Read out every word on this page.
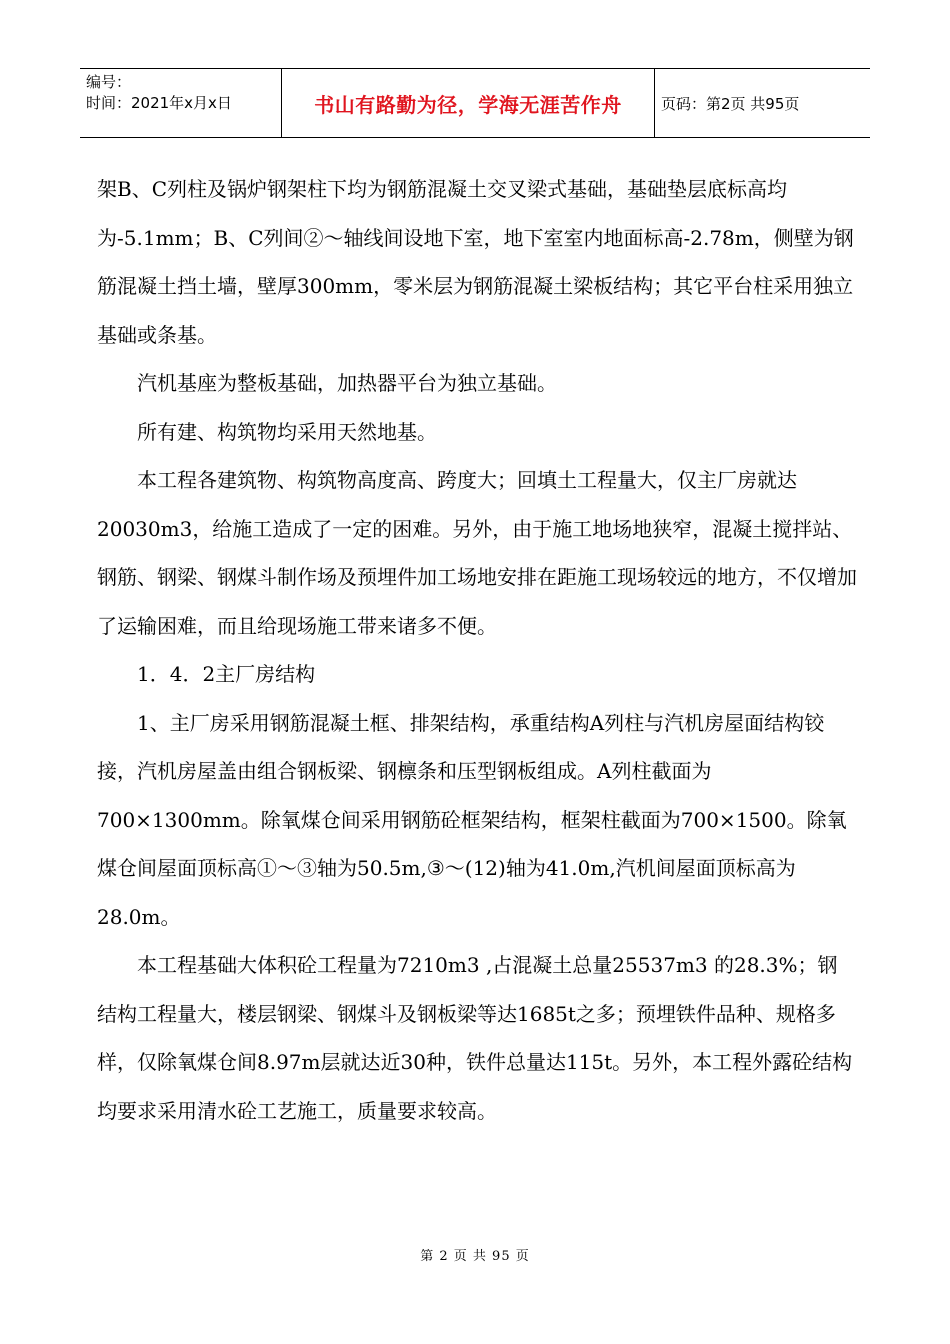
编号：
时间：2021年x月x日	书山有路勤为径，学海无涯苦作舟	页码：第2页 共95页

架B、C列柱及锅炉钢架柱下均为钢筋混凝土交叉梁式基础，基础垫层底标高均为-5.1mm；B、C列间②～轴线间设地下室，地下室室内地面标高-2.78m，侧壁为钢筋混凝土挡土墙，壁厚300mm，零米层为钢筋混凝土梁板结构；其它平台柱采用独立基础或条基。

汽机基座为整板基础，加热器平台为独立基础。

所有建、构筑物均采用天然地基。

本工程各建筑物、构筑物高度高、跨度大；回填土工程量大，仅主厂房就达20030m3，给施工造成了一定的困难。另外，由于施工地场地狭窄，混凝土搅拌站、钢筋、钢梁、钢煤斗制作场及预埋件加工场地安排在距施工现场较远的地方，不仅增加了运输困难，而且给现场施工带来诸多不便。

1．4．2主厂房结构

1、主厂房采用钢筋混凝土框、排架结构，承重结构A列柱与汽机房屋面结构铰接，汽机房屋盖由组合钢板梁、钢檩条和压型钢板组成。A列柱截面为700×1300mm。除氧煤仓间采用钢筋砼框架结构，框架柱截面为700×1500。除氧煤仓间屋面顶标高①～③轴为50.5m,③～(12)轴为41.0m,汽机间屋面顶标高为28.0m。

本工程基础大体积砼工程量为7210m3 ,占混凝土总量25537m3 的28.3%；钢结构工程量大，楼层钢梁、钢煤斗及钢板梁等达1685t之多；预埋铁件品种、规格多样，仅除氧煤仓间8.97m层就达近30种，铁件总量达115t。另外，本工程外露砼结构均要求采用清水砼工艺施工，质量要求较高。

第 2 页 共 95 页
